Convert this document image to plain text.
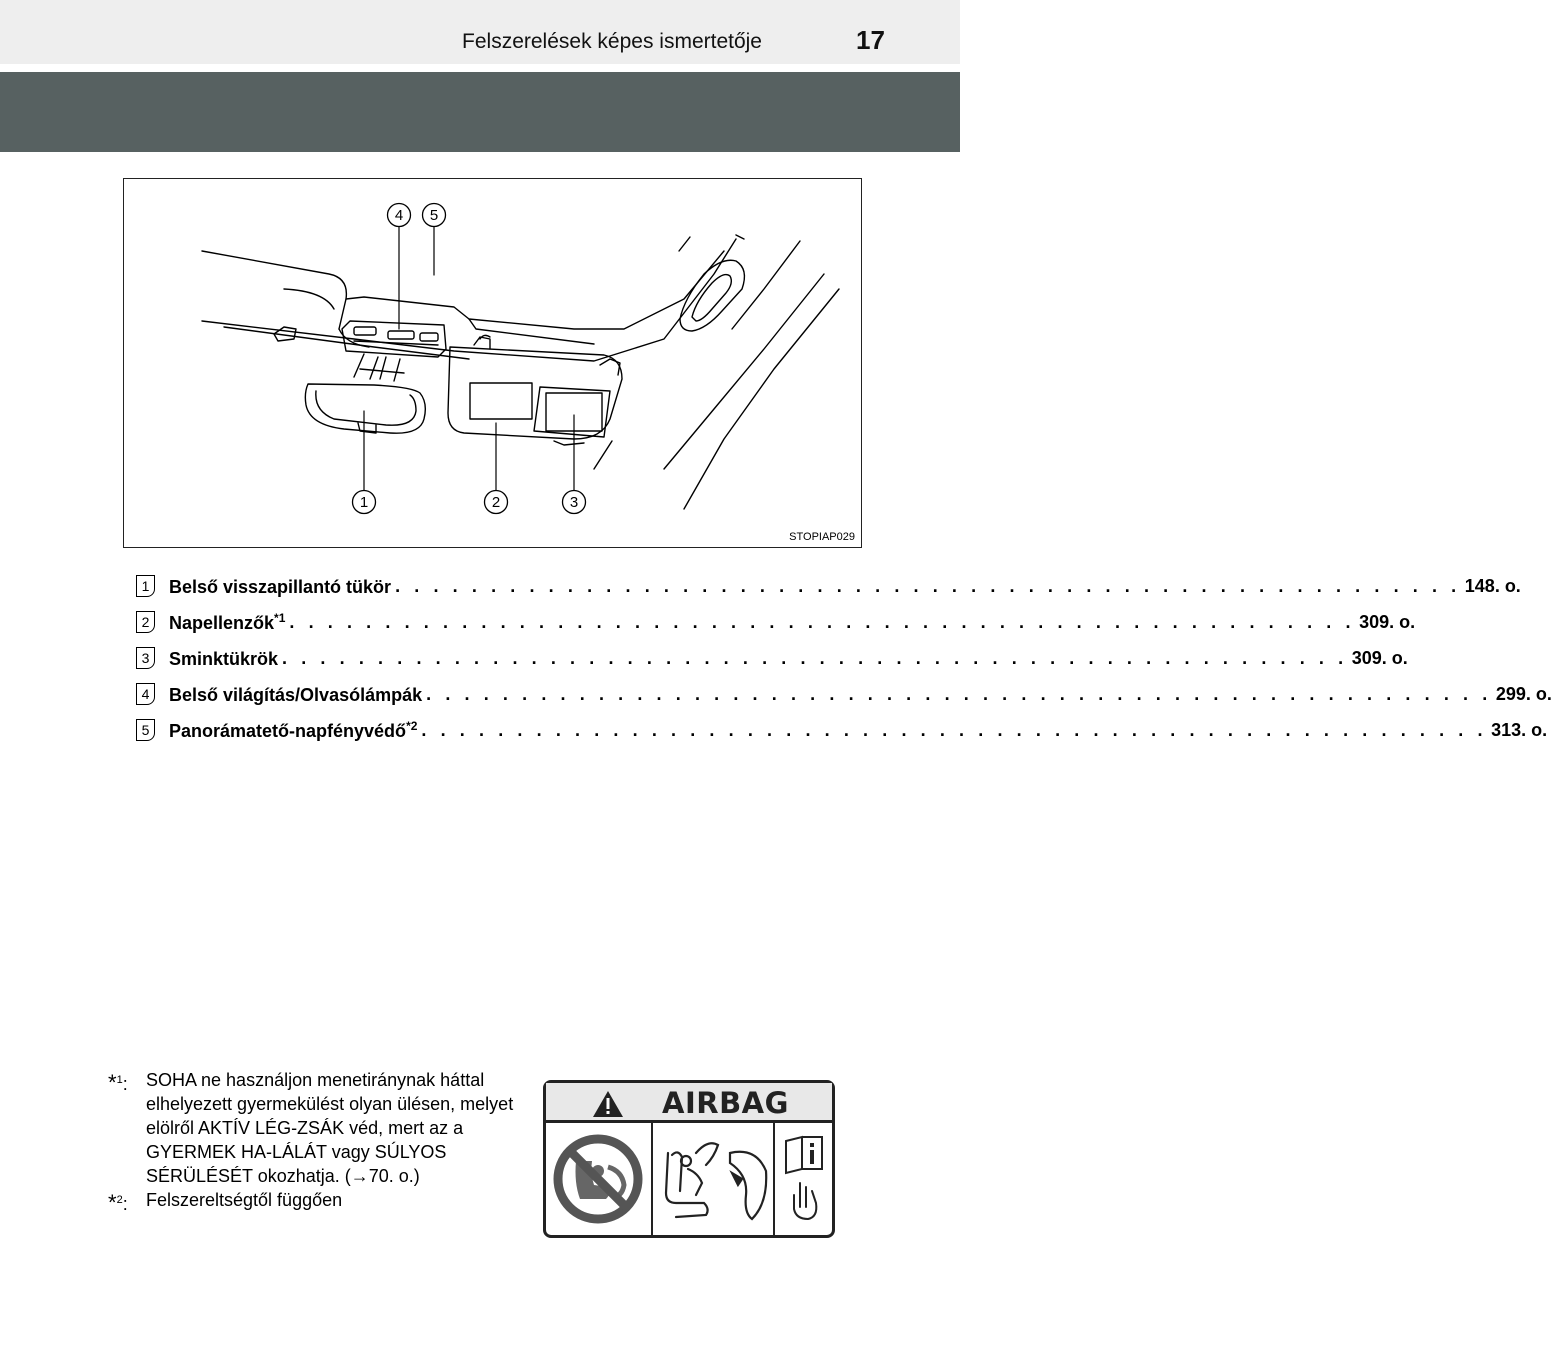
Felszerelések képes ismertetője	17
4 5
1	2	3
STOPIAP029
1	Belső visszapillantó tükör . . . . . . . . . . . . . . . . . . . . . . . . . . . . . . . . . . . . . . . . . . . . . . . . . . . . . . . . 148. o.
2	Napellenzők$^{*1}$ . . . . . . . . . . . . . . . . . . . . . . . . . . . . . . . . . . . . . . . . . . . . . . . . . . . . . . . . 309. o.
3	Sminktükrök . . . . . . . . . . . . . . . . . . . . . . . . . . . . . . . . . . . . . . . . . . . . . . . . . . . . . . . . 309. o.
4	Belső világítás/Olvasólámpák . . . . . . . . . . . . . . . . . . . . . . . . . . . . . . . . . . . . . . . . . . . . . . . . . . . . . . . . 299. o.
5	Panorámatető-napfényvédő$^{*2}$ . . . . . . . . . . . . . . . . . . . . . . . . . . . . . . . . . . . . . . . . . . . . . . . . . . . . . . . . 313. o.
*$^1$:	SOHA ne használjon menetiránynak háttal elhelyezett gyermekülést olyan ülésen, melyet elölről AKTÍV LÉG-ZSÁK véd, mert az a GYERMEK HA-LÁLÁT vagy SÚLYOS SÉRÜLÉSÉT okozhatja. (→70. o.)
*$^2$:	Felszereltségtől függően
AIRBAG
